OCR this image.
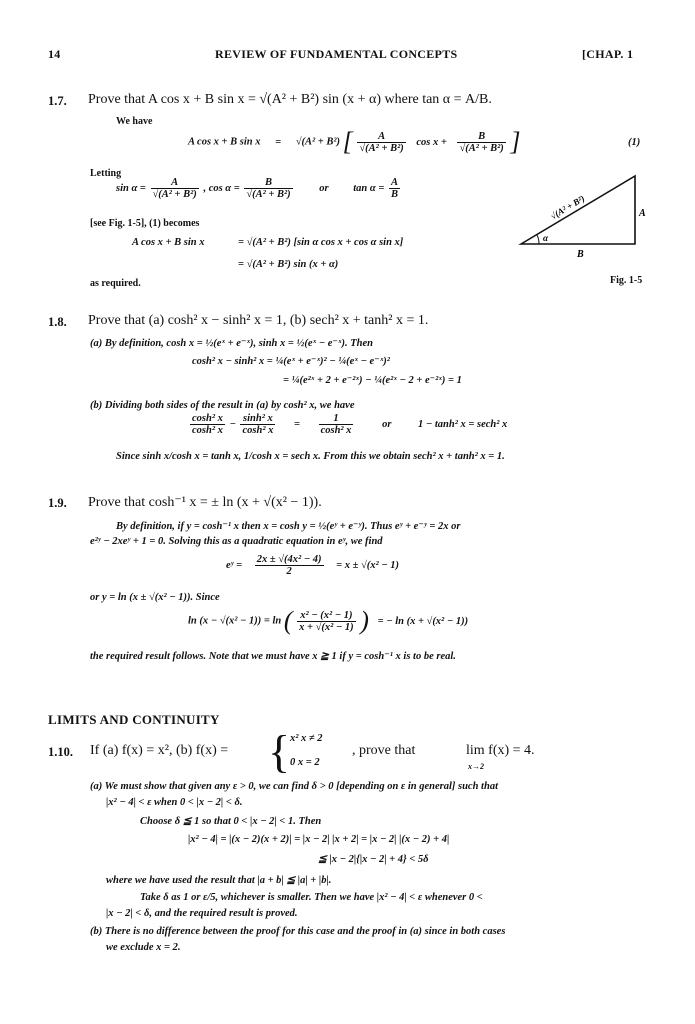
14	REVIEW OF FUNDAMENTAL CONCEPTS	[CHAP. 1
1.7. Prove that A cos x + B sin x = √(A² + B²) sin (x + α) where tan α = A/B.
We have
A cos x + B sin x = √(A² + B²) [ $\frac{A}{\text{√(A² + B²)}}$ $\cos x + \frac{B}{\text{√(A² + B²)}}$ ]	(1)
Letting
$\sin \alpha = \frac{A}{\text{√(A² + B²)}}$ , $\cos \alpha = \frac{B}{\text{√(A² + B²)}}$	or $\tan \alpha = \frac{A}{B}$
[see Fig. 1-5], (1) becomes
A cos x + B sin x	= √(A² + B²) [sin α cos x + cos α sin x]
= √(A² + B²) sin (x + α)
as required.
α
A
B
√(A² + B²)
Fig. 1-5
1.8. Prove that (a) cosh² x − sinh² x = 1, (b) sech² x + tanh² x = 1.
(a) By definition, cosh x = ½(eˣ + e⁻ˣ), sinh x = ½(eˣ − e⁻ˣ). Then
cosh² x − sinh² x = ¼(eˣ + e⁻ˣ)² − ¼(eˣ − e⁻ˣ)²
= ¼(e²ˣ + 2 + e⁻²ˣ) − ¼(e²ˣ − 2 + e⁻²ˣ) = 1
(b) Dividing both sides of the result in (a) by cosh² x, we have
$\frac{\text{cosh² x}}{\text{cosh² x}} - \frac{\text{sinh² x}}{\text{cosh² x}} = \frac{1}{\text{cosh² x}}$	or	1 − tanh² x = sech² x
Since sinh x/cosh x = tanh x, 1/cosh x = sech x. From this we obtain sech² x + tanh² x = 1.
1.9. Prove that cosh⁻¹ x = ± ln (x + √(x² − 1)).
By definition, if y = cosh⁻¹ x then x = cosh y = ½(eʸ + e⁻ʸ). Thus eʸ + e⁻ʸ = 2x or
e²ʸ − 2xeʸ + 1 = 0. Solving this as a quadratic equation in eʸ, we find
eʸ = $\frac{\text{2x ± √(4x² − 4)}}{2} = x \pm √(x^2 - 1)$
or y = ln (x ± √(x² − 1)). Since
ln (x − √(x² − 1)) = ln ( $\frac{\text{x² − (x² − 1)}}{\text{x + √(x² − 1)}}$ ) = − ln (x + √(x² − 1))
the required result follows. Note that we must have x ≧ 1 if y = cosh⁻¹ x is to be real.
LIMITS AND CONTINUITY
1.10. If (a) f(x) = x², (b) f(x) = { x² x ≠ 2
0 x = 2
, prove that	lim f(x) = 4.
x→2
(a) We must show that given any ε > 0, we can find δ > 0 [depending on ε in general] such that
|x² − 4| < ε when 0 < |x − 2| < δ.
Choose δ ≦ 1 so that 0 < |x − 2| < 1. Then
|x² − 4| = |(x − 2)(x + 2)| = |x − 2| |x + 2| = |x − 2| |(x − 2) + 4|
≦ |x − 2|{|x − 2| + 4} < 5δ
where we have used the result that |a + b| ≦ |a| + |b|.
Take δ as 1 or ε/5, whichever is smaller. Then we have |x² − 4| < ε whenever 0 <
|x − 2| < δ, and the required result is proved.
(b) There is no difference between the proof for this case and the proof in (a) since in both cases
we exclude x = 2.
